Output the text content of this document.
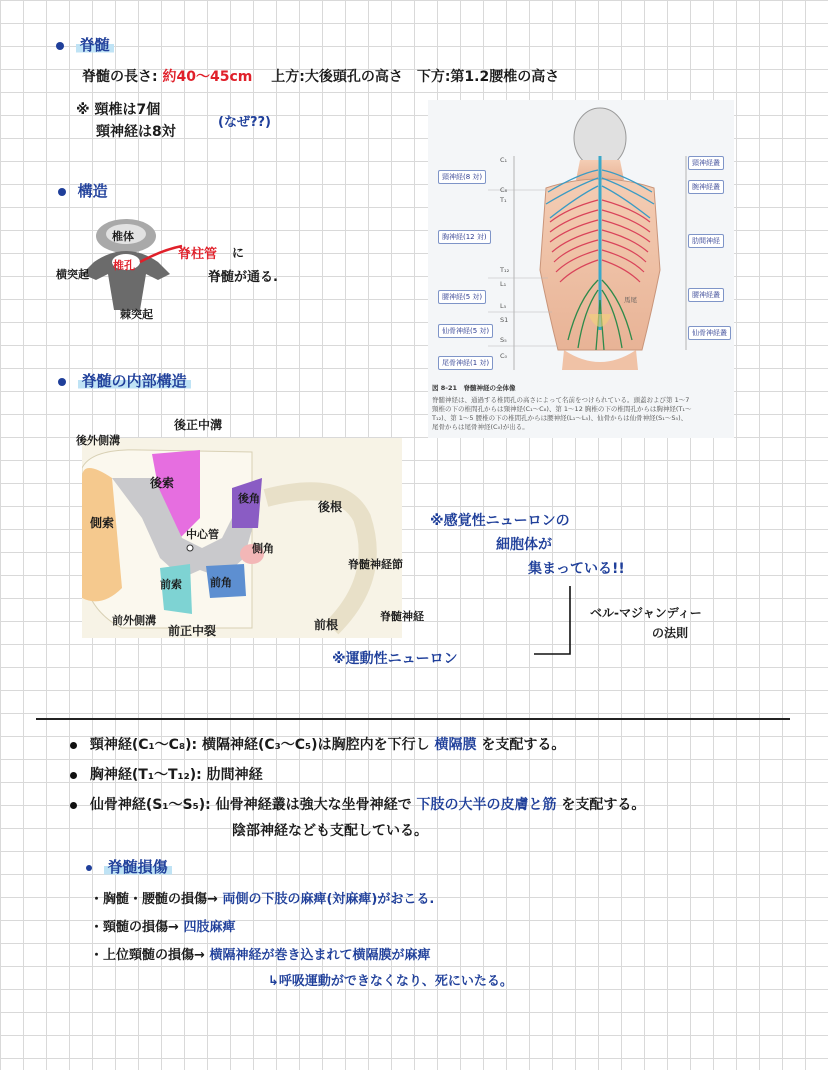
脊髄
脊髄の長さ: 約40〜45cm 上方:大後頭孔の高さ　下方:第1.2腰椎の高さ
※ 頸椎は7個
頸神経は8対
(なぜ??)
構造
椎体
椎孔
脊柱管 に
脊髄が通る.
横突起
棘突起
頸神経(8 対)
胸神経(12 対)
腰神経(5 対)
仙骨神経(5 対)
尾骨神経(1 対)
頸神経叢
腕神経叢
肋間神経
腰神経叢
仙骨神経叢
C₁
C₈
T₁
T₁₂
L₁
L₅
S1
S₅
C₀
馬尾
図 8-21　脊髄神経の全体像
脊髄神経は、通過する椎間孔の高さによって名前をつけられている。頭蓋および第 1〜7
頸椎の下の椎間孔からは頸神経(C₁〜C₈)、第 1〜12 胸椎の下の椎間孔からは胸神経(T₁〜
T₁₂)、第 1〜5 腰椎の下の椎間孔からは腰神経(L₁〜L₅)、仙骨からは仙骨神経(S₁〜S₅)、
尾骨からは尾骨神経(C₀)が出る。
脊髄の内部構造
後外側溝
後正中溝
後索
側索
後角
中心管
側角
前索	前角
前外側溝
前正中裂
後根
脊髄神経節
前根
脊髄神経
※感覚性ニューロンの
細胞体が
集まっている!!
ベル-マジャンディー
の法則
※運動性ニューロン
頸神経(C₁〜C₈): 横隔神経(C₃〜C₅)は胸腔内を下行し 横隔膜 を支配する。
胸神経(T₁〜T₁₂): 肋間神経
仙骨神経(S₁〜S₅): 仙骨神経叢は強大な坐骨神経で 下肢の大半の皮膚と筋 を支配する。
陰部神経なども支配している。
脊髄損傷
・胸髄・腰髄の損傷→ 両側の下肢の麻痺(対麻痺)がおこる.
・頸髄の損傷→ 四肢麻痺
・上位頸髄の損傷→ 横隔神経が巻き込まれて横隔膜が麻痺
↳呼吸運動ができなくなり、死にいたる。
